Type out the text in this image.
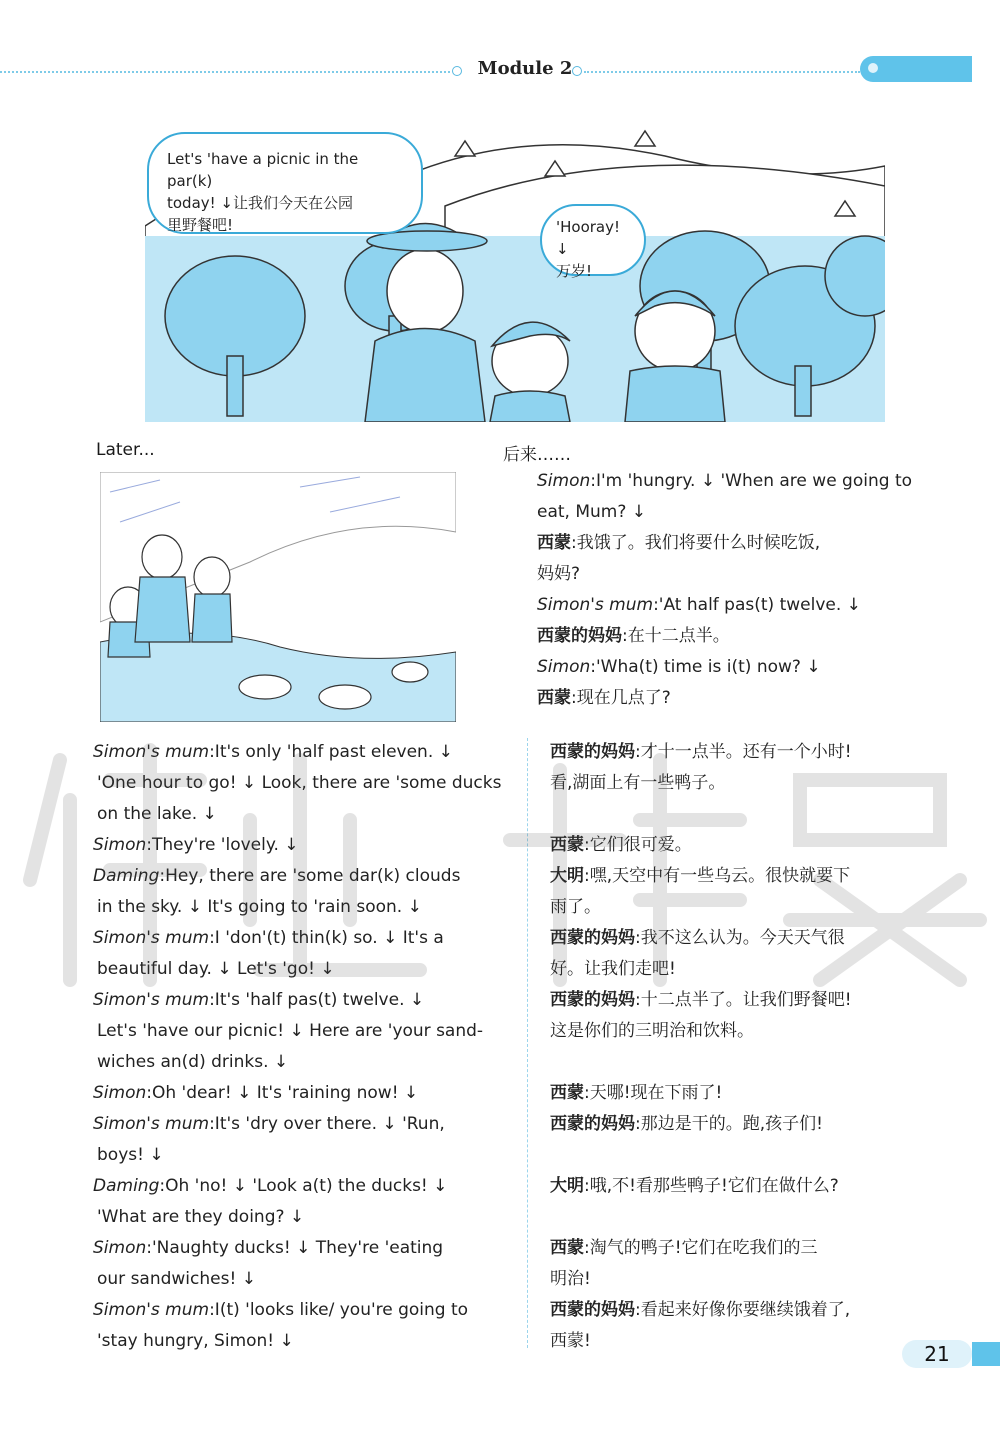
Module 2
Let's 'have a picnic in the par(k)
today! ↓让我们今天在公园
里野餐吧!	'Hooray! ↓
万岁!
Later...	后来……
Simon:I'm 'hungry. ↓ 'When are we going to
eat, Mum? ↓
西蒙:我饿了。我们将要什么时候吃饭,
妈妈?
Simon's mum:'At half pas(t) twelve. ↓
西蒙的妈妈:在十二点半。
Simon:'Wha(t) time is i(t) now? ↓
西蒙:现在几点了?
Simon's mum:It's only 'half past eleven. ↓
'One hour to go! ↓ Look, there are 'some ducks
on the lake. ↓
Simon:They're 'lovely. ↓
Daming:Hey, there are 'some dar(k) clouds
in the sky. ↓ It's going to 'rain soon. ↓
Simon's mum:I 'don'(t) thin(k) so. ↓ It's a
beautiful day. ↓ Let's 'go! ↓
Simon's mum:It's 'half pas(t) twelve. ↓
Let's 'have our picnic! ↓ Here are 'your sand-
wiches an(d) drinks. ↓
Simon:Oh 'dear! ↓ It's 'raining now! ↓
Simon's mum:It's 'dry over there. ↓ 'Run,
boys! ↓
Daming:Oh 'no! ↓ 'Look a(t) the ducks! ↓
'What are they doing? ↓
Simon:'Naughty ducks! ↓ They're 'eating
our sandwiches! ↓
Simon's mum:I(t) 'looks like/ you're going to
'stay hungry, Simon! ↓
西蒙的妈妈:才十一点半。还有一个小时!
看,湖面上有一些鸭子。
西蒙:它们很可爱。
大明:嘿,天空中有一些乌云。很快就要下
雨了。
西蒙的妈妈:我不这么认为。今天天气很
好。让我们走吧!
西蒙的妈妈:十二点半了。让我们野餐吧!
这是你们的三明治和饮料。
西蒙:天哪!现在下雨了!
西蒙的妈妈:那边是干的。跑,孩子们!
大明:哦,不!看那些鸭子!它们在做什么?
西蒙:淘气的鸭子!它们在吃我们的三
明治!
西蒙的妈妈:看起来好像你要继续饿着了,
西蒙!
21
